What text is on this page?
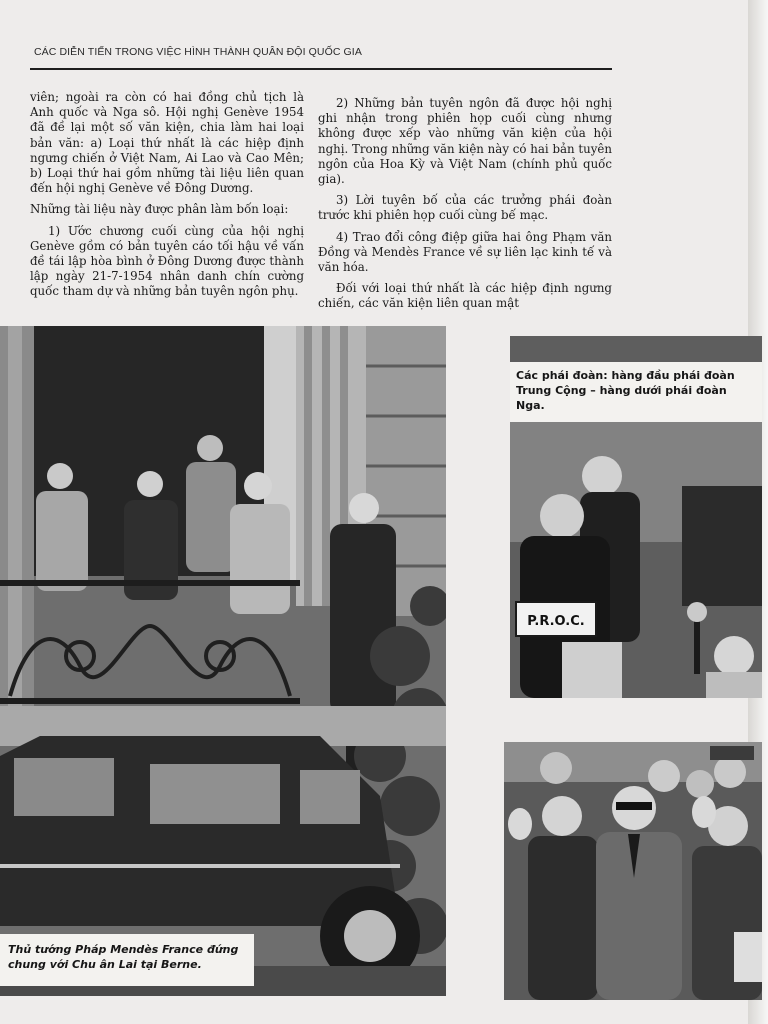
CÁC DIỄN TIẾN TRONG VIỆC HÌNH THÀNH QUÂN ĐỘI QUỐC GIA

viên; ngoài ra còn có hai đồng chủ tịch là Anh quốc và Nga sô. Hội nghị Genève 1954 đã đề lại một số văn kiện, chia làm hai loại bản văn: a) Loại thứ nhất là các hiệp định ngưng chiến ở Việt Nam, Ai Lao và Cao Mên; b) Loại thứ hai gồm những tài liệu liên quan đến hội nghị Genève về Đông Dương.

Những tài liệu này được phân làm bốn loại:

1) Ước chương cuối cùng của hội nghị Genève gồm có bản tuyên cáo tối hậu về vấn đề tái lập hòa bình ở Đông Dương được thành lập ngày 21-7-1954 nhân danh chín cường quốc tham dự và những bản tuyên ngôn phụ.

2) Những bản tuyên ngôn đã được hội nghị ghi nhận trong phiên họp cuối cùng nhưng không được xếp vào những văn kiện của hội nghị. Trong những văn kiện này có hai bản tuyên ngôn của Hoa Kỳ và Việt Nam (chính phủ quốc gia).

3) Lời tuyên bố của các trưởng phái đoàn trước khi phiên họp cuối cùng bế mạc.

4) Trao đổi công điệp giữa hai ông Phạm văn Đồng và Mendès France về sự liên lạc kinh tế và văn hóa.

Đối với loại thứ nhất là các hiệp định ngưng chiến, các văn kiện liên quan mật

Thủ tướng Pháp Mendès France đứng chung với Chu ân Lai tại Berne.
P.R.O.C.
Các phái đoàn: hàng đầu phái đoàn Trung Cộng – hàng dưới phái đoàn Nga.
